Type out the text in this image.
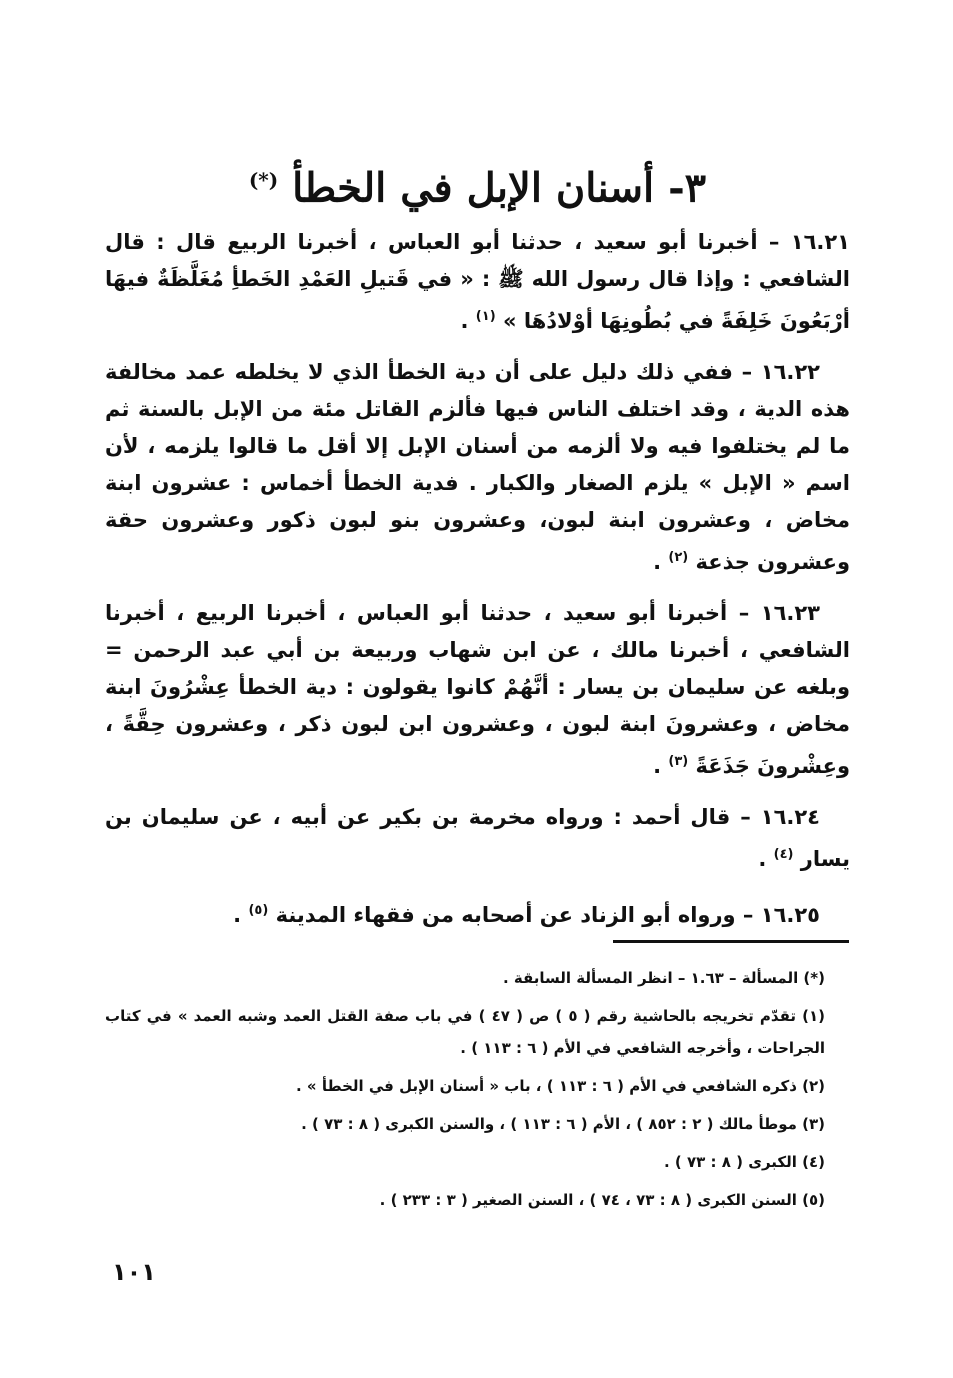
٣- أسنان الإبل في الخطأ (*)

١٦.٢١ – أخبرنا أبو سعيد ، حدثنا أبو العباس ، أخبرنا الربيع قال : قال الشافعي : وإذا قال رسول الله ﷺ : « في قَتيلِ العَمْدِ الخَطأِ مُغَلَّظَةٌ فيهَا أرْبَعُونَ خَلِفَةً في بُطُونِهَا أوْلادُهَا » $^{(١)}$ .

١٦.٢٢ – ففي ذلك دليل على أن دية الخطأ الذي لا يخلطه عمد مخالفة هذه الدية ، وقد اختلف الناس فيها فألزم القاتل مئة من الإبل بالسنة ثم ما لم يختلفوا فيه ولا ألزمه من أسنان الإبل إلا أقل ما قالوا يلزمه ، لأن اسم « الإبل » يلزم الصغار والكبار . فدية الخطأ أخماس : عشرون ابنة مخاض ، وعشرون ابنة لبون، وعشرون بنو لبون ذكور وعشرون حقة وعشرون جذعة $^{(٢)}$ .

١٦.٢٣ – أخبرنا أبو سعيد ، حدثنا أبو العباس ، أخبرنا الربيع ، أخبرنا الشافعي ، أخبرنا مالك ، عن ابن شهاب وربيعة بن أبي عبد الرحمن = وبلغه عن سليمان بن يسار : أنَّهُمْ كانوا يقولون : دية الخطأ عِشْرُونَ ابنة مخاض ، وعشرونَ ابنة لبون ، وعشرون ابن لبون ذكر ، وعشرون حِقَّةً ، وعِشْرونَ جَذَعَةً $^{(٣)}$ .

١٦.٢٤ – قال أحمد : ورواه مخرمة بن بكير عن أبيه ، عن سليمان بن يسار $^{(٤)}$ .

١٦.٢٥ – ورواه أبو الزناد عن أصحابه من فقهاء المدينة $^{(٥)}$ .

(*) المسألة – ١.٦٣ – انظر المسألة السابقة .

(١) تقدّم تخريجه بالحاشية رقم ( ٥ ) ص ( ٤٧ ) في باب صفة القتل العمد وشبه العمد » في كتاب الجراحات ، وأخرجه الشافعي في الأم ( ٦ : ١١٣ ) .

(٢) ذكره الشافعي في الأم ( ٦ : ١١٣ ) ، باب « أسنان الإبل في الخطأ » .

(٣) موطأ مالك ( ٢ : ٨٥٢ ) ، الأم ( ٦ : ١١٣ ) ، والسنن الكبرى ( ٨ : ٧٣ ) .

(٤) الكبرى ( ٨ : ٧٣ ) .

(٥) السنن الكبرى ( ٨ : ٧٣ ، ٧٤ ) ، السنن الصغير ( ٣ : ٢٣٣ ) .

١٠١
